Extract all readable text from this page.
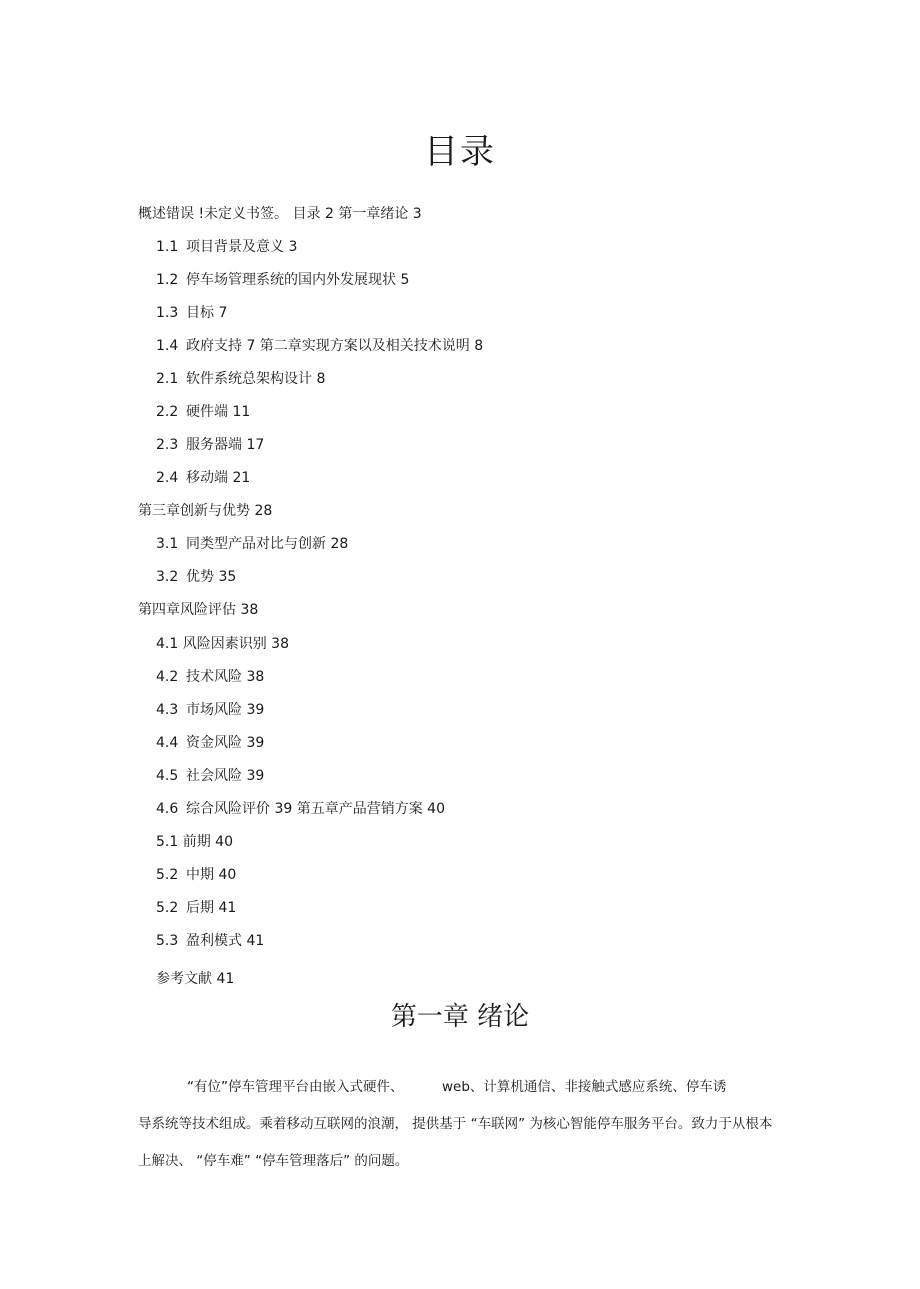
目录
概述错误 !未定义书签。 目录 2 第一章绪论 3
1.1 项目背景及意义 3
1.2 停车场管理系统的国内外发展现状 5
1.3 目标 7
1.4 政府支持 7 第二章实现方案以及相关技术说明 8
2.1 软件系统总架构设计 8
2.2 硬件端 11
2.3 服务器端 17
2.4 移动端 21
第三章创新与优势 28
3.1 同类型产品对比与创新 28
3.2 优势 35
第四章风险评估 38
4.1 风险因素识别 38
4.2 技术风险 38
4.3 市场风险 39
4.4 资金风险 39
4.5 社会风险 39
4.6 综合风险评价 39 第五章产品营销方案 40
5.1 前期 40
5.2 中期 40
5.2 后期 41
5.3 盈利模式 41
参考文献 41
第一章 绪论
“有位”停车管理平台由嵌入式硬件、	web、计算机通信、非接触式感应系统、停车诱
导系统等技术组成。乘着移动互联网的浪潮， 提供基于 “车联网” 为核心智能停车服务平台。致力于从根本
上解决、 “停车难” “停车管理落后” 的问题。
